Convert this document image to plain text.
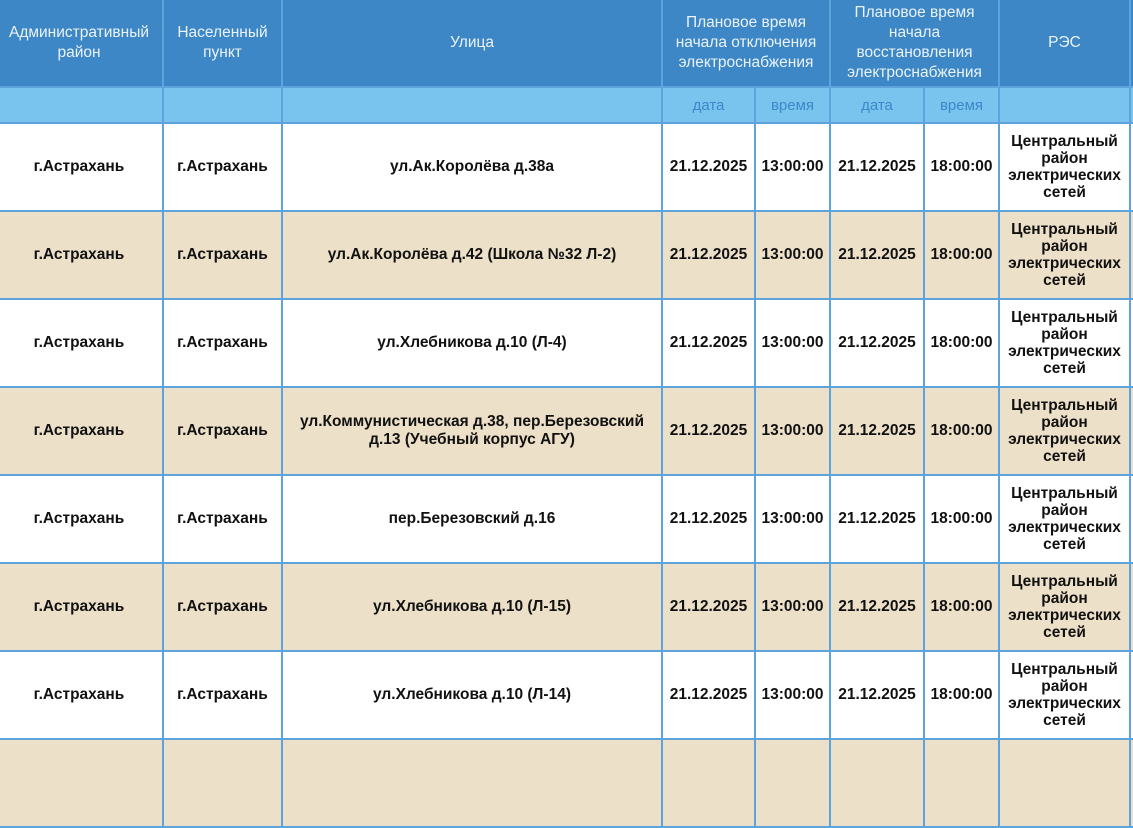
Административный район	Населенный пункт	Улица	Плановое время начала отключения электроснабжения		Плановое время начала восстановления электроснабжения		РЭС	
			дата	время	дата	время		
г.Астрахань	г.Астрахань	ул.Ак.Королёва д.38а	21.12.2025	13:00:00	21.12.2025	18:00:00	Центральный
район
электрических
сетей	

г.Астрахань	г.Астрахань	ул.Ак.Королёва д.42 (Школа №32 Л-2)	21.12.2025	13:00:00	21.12.2025	18:00:00	Центральный
район
электрических
сетей	

г.Астрахань	г.Астрахань	ул.Хлебникова д.10 (Л-4)	21.12.2025	13:00:00	21.12.2025	18:00:00	Центральный
район
электрических
сетей	

г.Астрахань	г.Астрахань	ул.Коммунистическая д.38, пер.Березовский д.13 (Учебный корпус АГУ)	21.12.2025	13:00:00	21.12.2025	18:00:00	Центральный
район
электрических
сетей	

г.Астрахань	г.Астрахань	пер.Березовский д.16	21.12.2025	13:00:00	21.12.2025	18:00:00	Центральный
район
электрических
сетей	

г.Астрахань	г.Астрахань	ул.Хлебникова д.10 (Л-15)	21.12.2025	13:00:00	21.12.2025	18:00:00	Центральный
район
электрических
сетей	

г.Астрахань	г.Астрахань	ул.Хлебникова д.10 (Л-14)	21.12.2025	13:00:00	21.12.2025	18:00:00	Центральный
район
электрических
сетей	
